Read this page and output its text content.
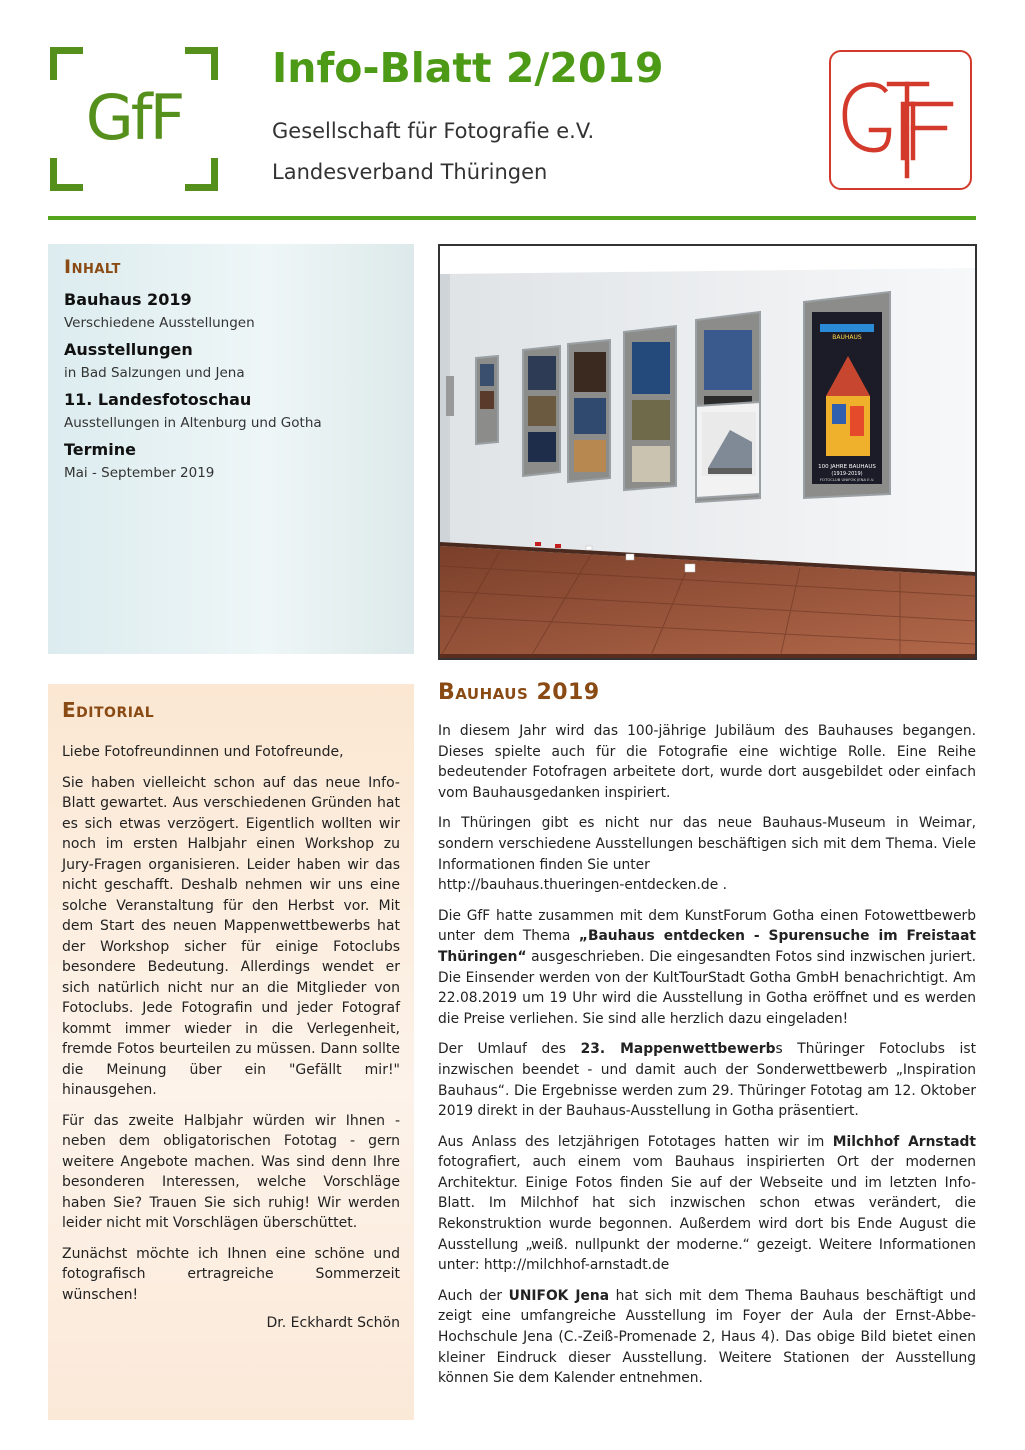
GfF
Info-Blatt 2/2019
Gesellschaft für Fotografie e.V.
Landesverband Thüringen
Inhalt
Bauhaus 2019
Verschiedene Ausstellungen
Ausstellungen
in Bad Salzungen und Jena
11. Landesfotoschau
Ausstellungen in Altenburg und Gotha
Termine
Mai - September 2019	100 JAHRE BAUHAUS
(1919-2019)
FOTOCLUB UNIFOK JENA E.V.
BAUHAUS
Editorial

Liebe Fotofreundinnen und Fotofreunde,

Sie haben vielleicht schon auf das neue Info-Blatt gewartet. Aus verschiedenen Gründen hat es sich etwas verzögert. Eigentlich wollten wir noch im ersten Halbjahr einen Workshop zu Jury-Fragen organisieren. Leider haben wir das nicht geschafft. Deshalb nehmen wir uns eine solche Veranstaltung für den Herbst vor. Mit dem Start des neuen Mappenwettbewerbs hat der Workshop sicher für einige Fotoclubs besondere Bedeutung. Allerdings wendet er sich natürlich nicht nur an die Mitglieder von Fotoclubs. Jede Fotografin und jeder Fotograf kommt immer wieder in die Verlegenheit, fremde Fotos beurteilen zu müssen. Dann sollte die Meinung über ein "Gefällt mir!" hinausgehen.

Für das zweite Halbjahr würden wir Ihnen - neben dem obligatorischen Fototag - gern weitere Angebote machen. Was sind denn Ihre besonderen Interessen, welche Vorschläge haben Sie? Trauen Sie sich ruhig! Wir werden leider nicht mit Vorschlägen überschüttet.

Zunächst möchte ich Ihnen eine schöne und fotografisch ertragreiche Sommerzeit wünschen!

Dr. Eckhardt Schön
Bauhaus 2019

In diesem Jahr wird das 100-jährige Jubiläum des Bauhauses begangen. Dieses spielte auch für die Fotografie eine wichtige Rolle. Eine Reihe bedeutender Fotofragen arbeitete dort, wurde dort ausgebildet oder einfach vom Bauhausgedanken inspiriert.

In Thüringen gibt es nicht nur das neue Bauhaus-Museum in Weimar, sondern verschiedene Ausstellungen beschäftigen sich mit dem Thema. Viele Informationen finden Sie unter
http://bauhaus.thueringen-entdecken.de .

Die GfF hatte zusammen mit dem KunstForum Gotha einen Fotowettbewerb unter dem Thema „Bauhaus entdecken - Spurensuche im Freistaat Thüringen“ ausgeschrieben. Die eingesandten Fotos sind inzwischen juriert. Die Einsender werden von der KultTourStadt Gotha GmbH benachrichtigt. Am 22.08.2019 um 19 Uhr wird die Ausstellung in Gotha eröffnet und es werden die Preise verliehen. Sie sind alle herzlich dazu eingeladen!

Der Umlauf des 23. Mappenwettbewerbs Thüringer Fotoclubs ist inzwischen beendet - und damit auch der Sonderwettbewerb „Inspiration Bauhaus“. Die Ergebnisse werden zum 29. Thüringer Fototag am 12. Oktober 2019 direkt in der Bauhaus-Ausstellung in Gotha präsentiert.

Aus Anlass des letzjährigen Fototages hatten wir im Milchhof Arnstadt fotografiert, auch einem vom Bauhaus inspirierten Ort der modernen Architektur. Einige Fotos finden Sie auf der Webseite und im letzten Info-Blatt. Im Milchhof hat sich inzwischen schon etwas verändert, die Rekonstruktion wurde begonnen. Außerdem wird dort bis Ende August die Ausstellung „weiß. nullpunkt der moderne.“ gezeigt. Weitere Informationen unter: http://milchhof-arnstadt.de

Auch der UNIFOK Jena hat sich mit dem Thema Bauhaus beschäftigt und zeigt eine umfangreiche Ausstellung im Foyer der Aula der Ernst-Abbe-Hochschule Jena (C.-Zeiß-Promenade 2, Haus 4). Das obige Bild bietet einen kleiner Eindruck dieser Ausstellung. Weitere Stationen der Ausstellung können Sie dem Kalender entnehmen.
